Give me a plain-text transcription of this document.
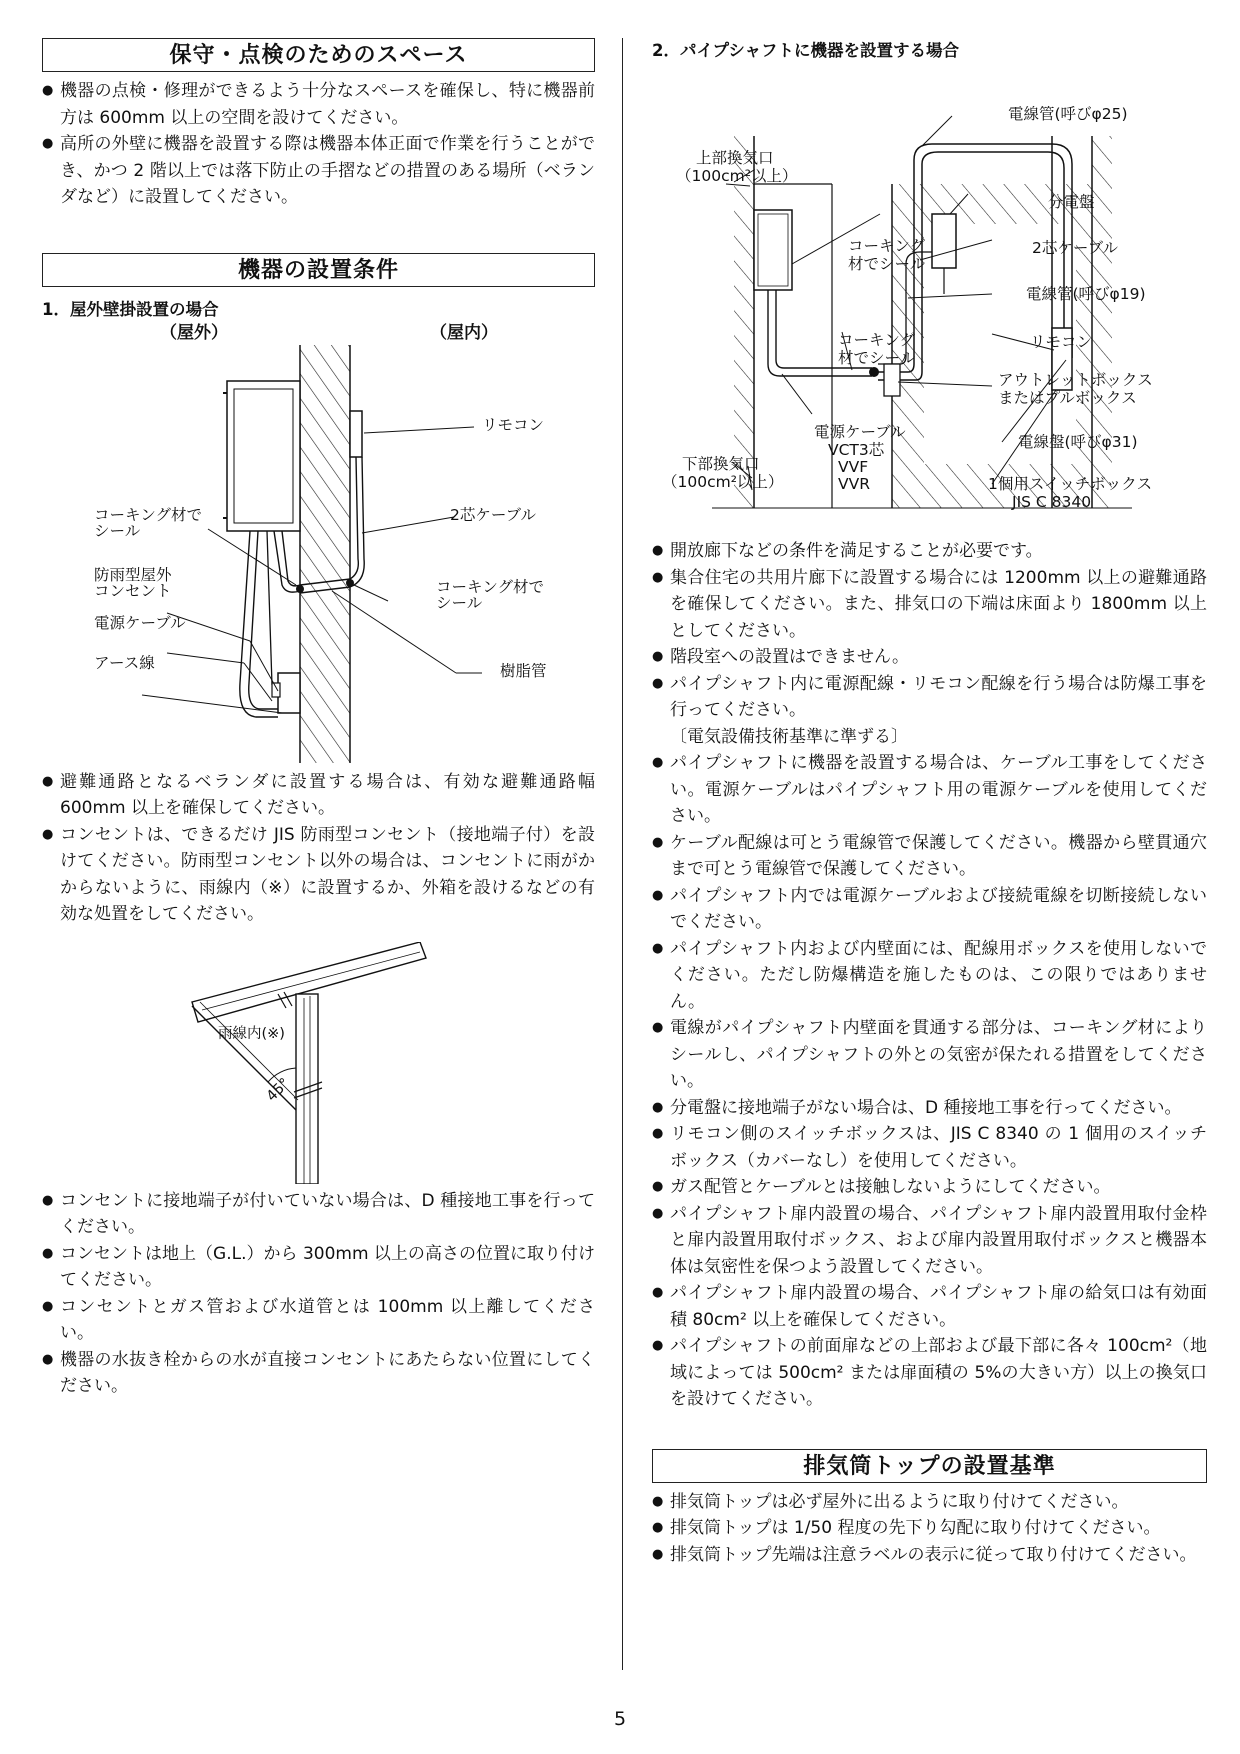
保守・点検のためのスペース
● 機器の点検・修理ができるよう十分なスペースを確保し、特に機器前方は 600mm 以上の空間を設けてください。
● 高所の外壁に機器を設置する際は機器本体正面で作業を行うことができ、かつ 2 階以上では落下防止の手摺などの措置のある場所（ベランダなど）に設置してください。
機器の設置条件
1．屋外壁掛設置の場合
（屋外）	（屋内）
リモコン
コーキング材で
シール
2芯ケーブル
防雨型屋外
コンセント	コーキング材で
シール
電源ケーブル
アース線	樹脂管
● 避難通路となるベランダに設置する場合は、有効な避難通路幅 600mm 以上を確保してください。
● コンセントは、できるだけ JIS 防雨型コンセント（接地端子付）を設けてください。防雨型コンセント以外の場合は、コンセントに雨がかからないように、雨線内（※）に設置するか、外箱を設けるなどの有効な処置をしてください。
雨線内(※)
45°
● コンセントに接地端子が付いていない場合は、D 種接地工事を行ってください。
● コンセントは地上（G.L.）から 300mm 以上の高さの位置に取り付けてください。
● コンセントとガス管および水道管とは 100mm 以上離してください。
● 機器の水抜き栓からの水が直接コンセントにあたらない位置にしてください。
2．パイプシャフトに機器を設置する場合
電線管(呼びφ25)
上部換気口
（100cm²以上）
分電盤
コーキング
材でシール
2芯ケーブル
電線管(呼びφ19)
コーキング
材でシール
リモコン
アウトレットボックス
またはプルボックス
電源ケーブル
VCT3芯
VVF
VVR
電線盤(呼びφ31)
下部換気口
（100cm²以上）	1個用スイッチボックス
JIS C 8340
● 開放廊下などの条件を満足することが必要です。
● 集合住宅の共用片廊下に設置する場合には 1200mm 以上の避難通路を確保してください。また、排気口の下端は床面より 1800mm 以上としてください。
● 階段室への設置はできません。
● パイプシャフト内に電源配線・リモコン配線を行う場合は防爆工事を行ってください。
〔電気設備技術基準に準ずる〕
● パイプシャフトに機器を設置する場合は、ケーブル工事をしてください。電源ケーブルはパイプシャフト用の電源ケーブルを使用してください。
● ケーブル配線は可とう電線管で保護してください。機器から壁貫通穴まで可とう電線管で保護してください。
● パイプシャフト内では電源ケーブルおよび接続電線を切断接続しないでください。
● パイプシャフト内および内壁面には、配線用ボックスを使用しないでください。ただし防爆構造を施したものは、この限りではありません。
● 電線がパイプシャフト内壁面を貫通する部分は、コーキング材によりシールし、パイプシャフトの外との気密が保たれる措置をしてください。
● 分電盤に接地端子がない場合は、D 種接地工事を行ってください。
● リモコン側のスイッチボックスは、JIS C 8340 の 1 個用のスイッチボックス（カバーなし）を使用してください。
● ガス配管とケーブルとは接触しないようにしてください。
● パイプシャフト扉内設置の場合、パイプシャフト扉内設置用取付金枠と扉内設置用取付ボックス、および扉内設置用取付ボックスと機器本体は気密性を保つよう設置してください。
● パイプシャフト扉内設置の場合、パイプシャフト扉の給気口は有効面積 80cm² 以上を確保してください。
● パイプシャフトの前面扉などの上部および最下部に各々 100cm²（地域によっては 500cm² または扉面積の 5%の大きい方）以上の換気口を設けてください。
排気筒トップの設置基準
● 排気筒トップは必ず屋外に出るように取り付けてください。
● 排気筒トップは 1/50 程度の先下り勾配に取り付けてください。
● 排気筒トップ先端は注意ラベルの表示に従って取り付けてください。
5
